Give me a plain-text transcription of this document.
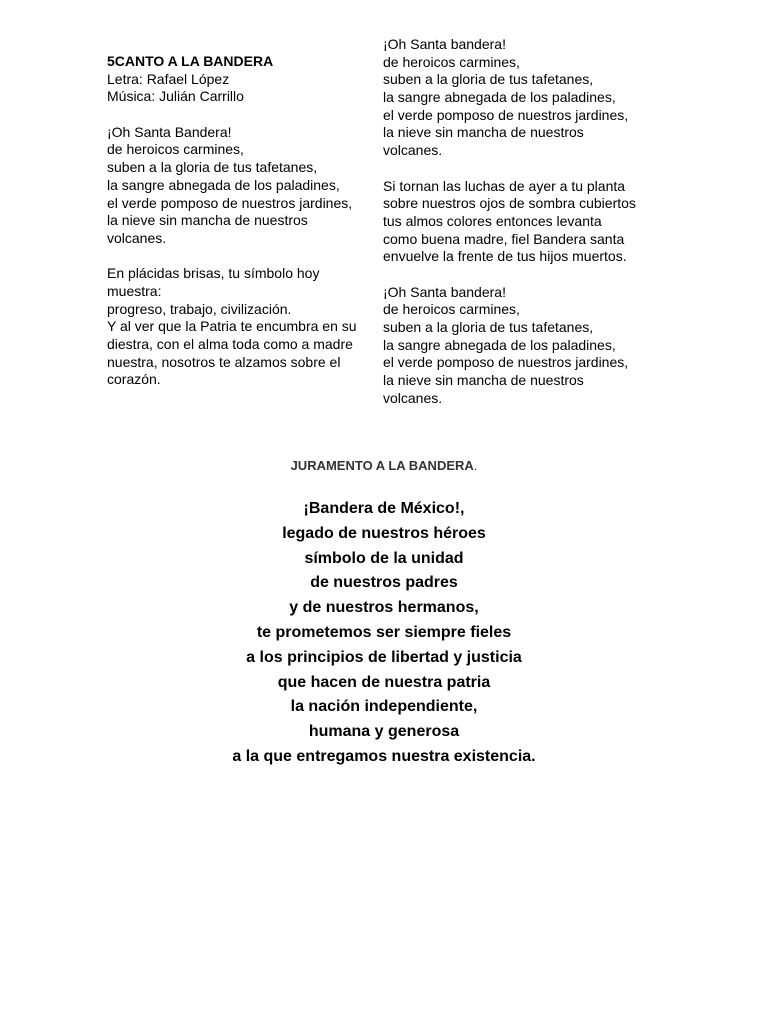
5CANTO A LA BANDERA
Letra: Rafael López
Música: Julián Carrillo
¡Oh Santa Bandera!
de heroicos carmines,
suben a la gloria de tus tafetanes,
la sangre abnegada de los paladines,
el verde pomposo de nuestros jardines,
la nieve sin mancha de nuestros
volcanes.
En plácidas brisas, tu símbolo hoy
muestra:
progreso, trabajo, civilización.
Y al ver que la Patria te encumbra en su
diestra, con el alma toda como a madre
nuestra, nosotros te alzamos sobre el
corazón.
¡Oh Santa bandera!
de heroicos carmines,
suben a la gloria de tus tafetanes,
la sangre abnegada de los paladines,
el verde pomposo de nuestros jardines,
la nieve sin mancha de nuestros
volcanes.
Si tornan las luchas de ayer a tu planta
sobre nuestros ojos de sombra cubiertos
tus almos colores entonces levanta
como buena madre, fiel Bandera santa
envuelve la frente de tus hijos muertos.
¡Oh Santa bandera!
de heroicos carmines,
suben a la gloria de tus tafetanes,
la sangre abnegada de los paladines,
el verde pomposo de nuestros jardines,
la nieve sin mancha de nuestros
volcanes.
JURAMENTO A LA BANDERA.
¡Bandera de México!,
legado de nuestros héroes
símbolo de la unidad
de nuestros padres
y de nuestros hermanos,
te prometemos ser siempre fieles
a los principios de libertad y justicia
que hacen de nuestra patria
la nación independiente,
humana y generosa
a la que entregamos nuestra existencia.
